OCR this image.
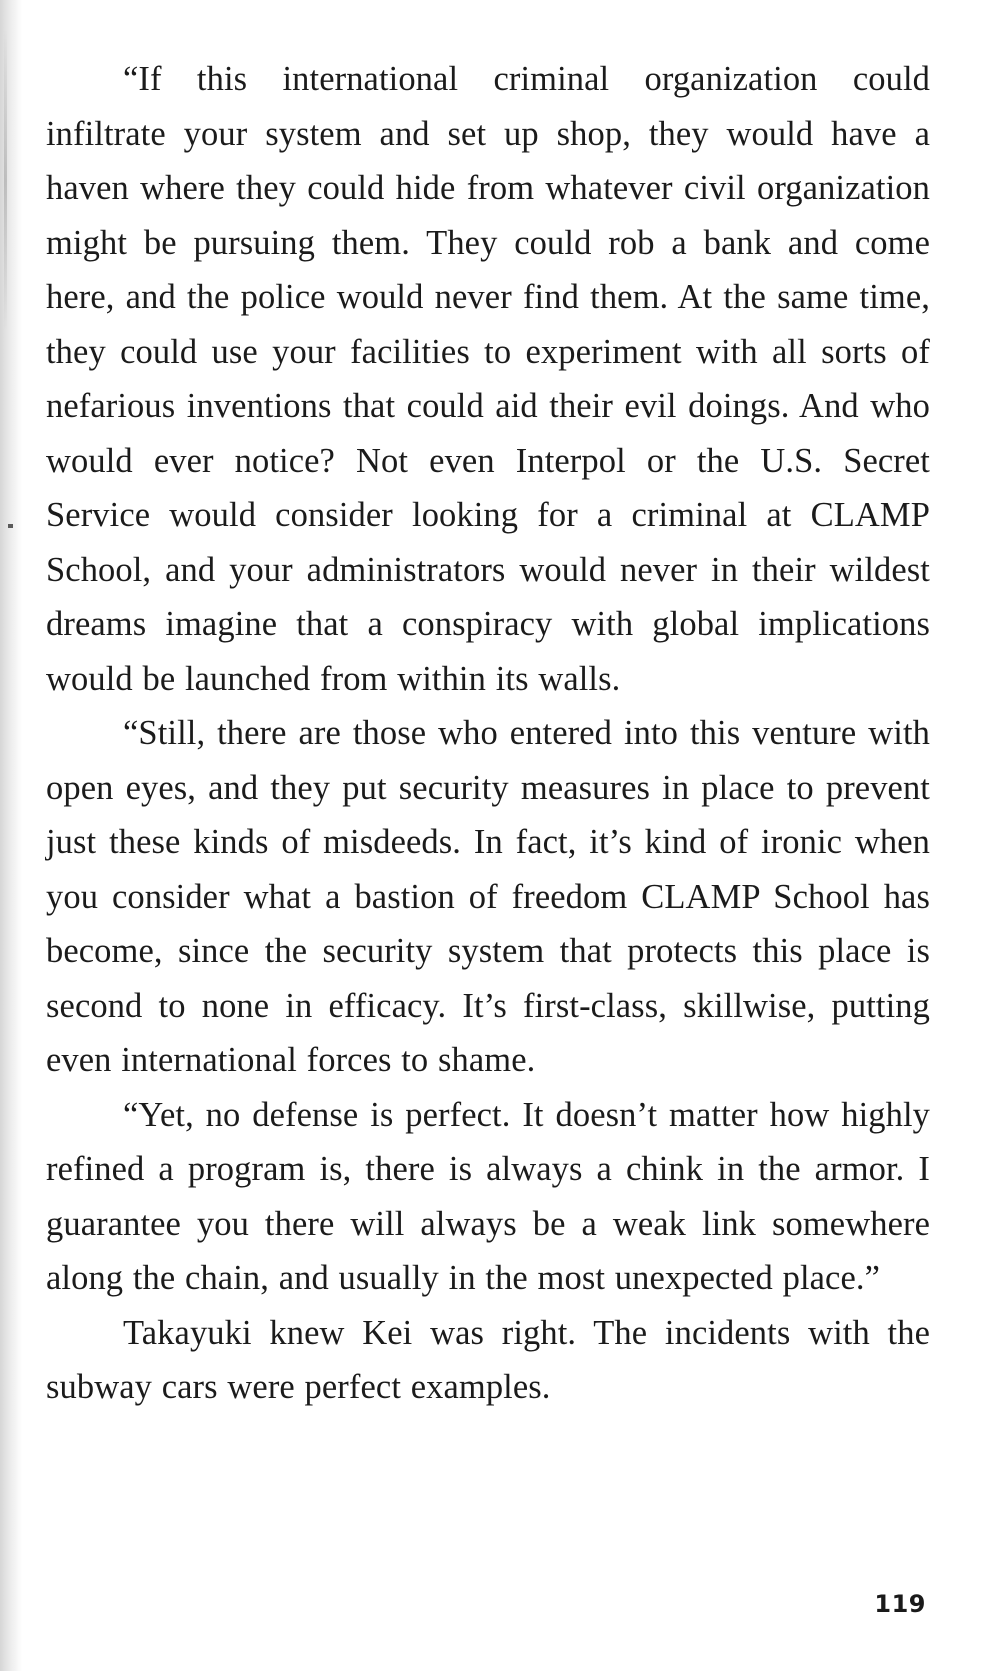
“If this international criminal organization could infiltrate your system and set up shop, they would have a haven where they could hide from whatever civil organization might be pursuing them. They could rob a bank and come here, and the police would never find them. At the same time, they could use your facilities to experiment with all sorts of nefarious inventions that could aid their evil doings. And who would ever notice? Not even Interpol or the U.S. Secret Service would consider looking for a criminal at CLAMP School, and your administrators would never in their wildest dreams imagine that a conspiracy with global implications would be launched from within its walls.

“Still, there are those who entered into this venture with open eyes, and they put security measures in place to prevent just these kinds of misdeeds. In fact, it’s kind of ironic when you consider what a bastion of freedom CLAMP School has become, since the security system that protects this place is second to none in efficacy. It’s first-class, skillwise, putting even international forces to shame.

“Yet, no defense is perfect. It doesn’t matter how highly refined a program is, there is always a chink in the armor. I guarantee you there will always be a weak link somewhere along the chain, and usually in the most unexpected place.”

Takayuki knew Kei was right. The incidents with the subway cars were perfect examples.

119
